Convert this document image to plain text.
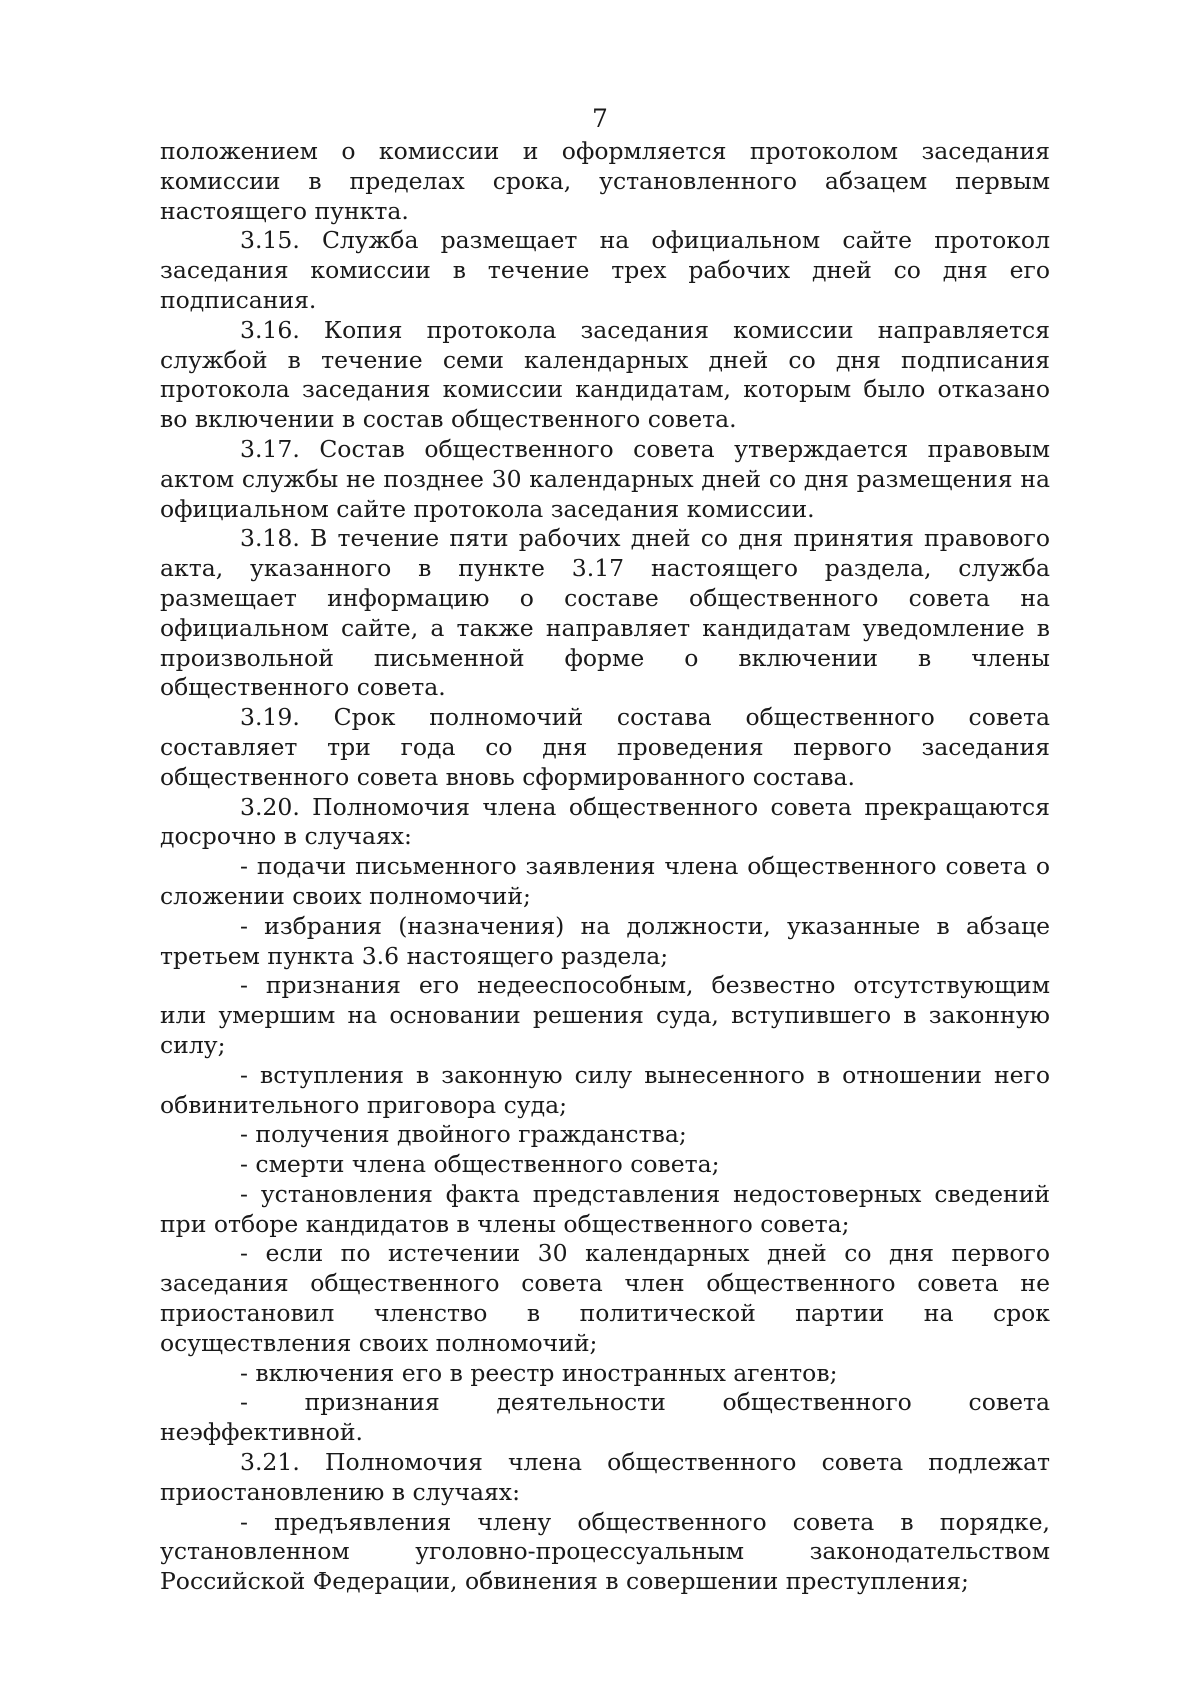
7

положением о комиссии и оформляется протоколом заседания комиссии в пределах срока, установленного абзацем первым настоящего пункта.

3.15. Служба размещает на официальном сайте протокол заседания комиссии в течение трех рабочих дней со дня его подписания.

3.16. Копия протокола заседания комиссии направляется службой в течение семи календарных дней со дня подписания протокола заседания комиссии кандидатам, которым было отказано во включении в состав общественного совета.

3.17. Состав общественного совета утверждается правовым актом службы не позднее 30 календарных дней со дня размещения на официальном сайте протокола заседания комиссии.

3.18. В течение пяти рабочих дней со дня принятия правового акта, указанного в пункте 3.17 настоящего раздела, служба размещает информацию о составе общественного совета на официальном сайте, а также направляет кандидатам уведомление в произвольной письменной форме о включении в члены общественного совета.

3.19. Срок полномочий состава общественного совета составляет три года со дня проведения первого заседания общественного совета вновь сформированного состава.

3.20. Полномочия члена общественного совета прекращаются досрочно в случаях:

- подачи письменного заявления члена общественного совета о сложении своих полномочий;

- избрания (назначения) на должности, указанные в абзаце третьем пункта 3.6 настоящего раздела;

- признания его недееспособным, безвестно отсутствующим или умершим на основании решения суда, вступившего в законную силу;

- вступления в законную силу вынесенного в отношении него обвинительного приговора суда;

- получения двойного гражданства;

- смерти члена общественного совета;

- установления факта представления недостоверных сведений при отборе кандидатов в члены общественного совета;

- если по истечении 30 календарных дней со дня первого заседания общественного совета член общественного совета не приостановил членство в политической партии на срок осуществления своих полномочий;

- включения его в реестр иностранных агентов;

- признания деятельности общественного совета неэффективной.

3.21. Полномочия члена общественного совета подлежат приостановлению в случаях:

- предъявления члену общественного совета в порядке, установленном уголовно-процессуальным законодательством Российской Федерации, обвинения в совершении преступления;
